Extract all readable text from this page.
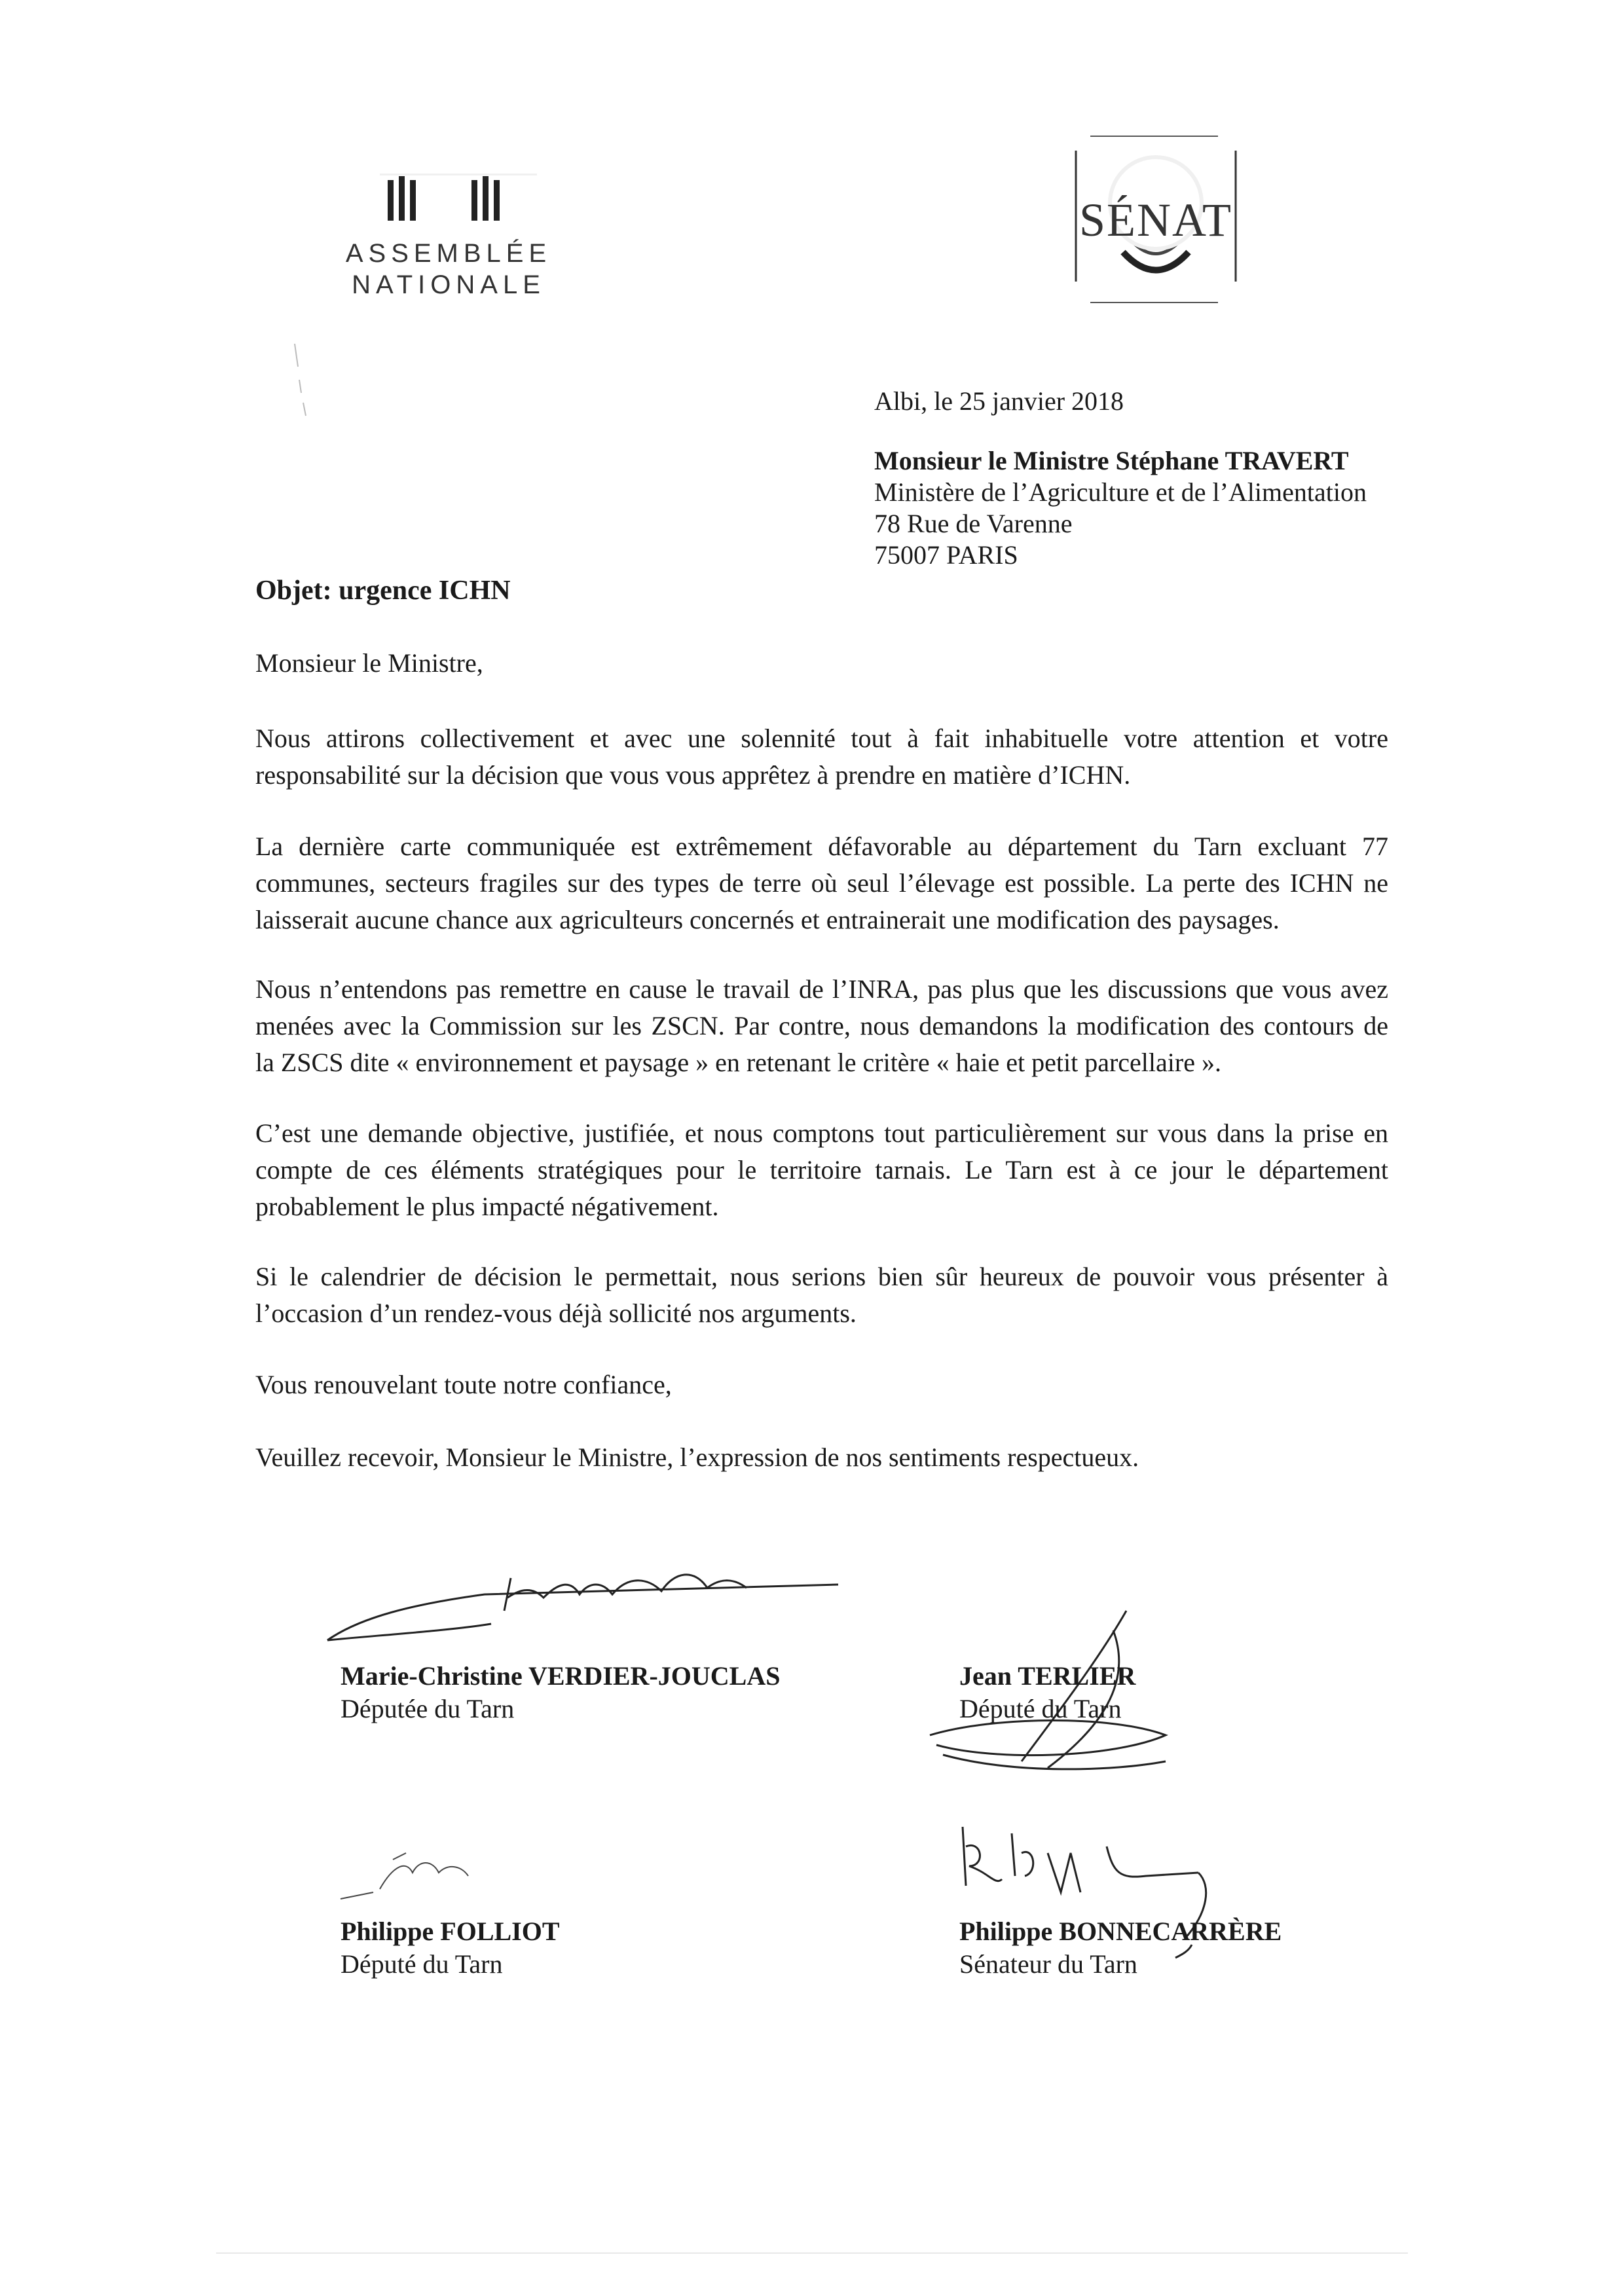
ASSEMBLÉE
NATIONALE
SÉNAT
Albi, le 25 janvier 2018
Monsieur le Ministre Stéphane TRAVERT
Ministère de l’Agriculture et de l’Alimentation
78 Rue de Varenne
75007 PARIS
Objet: urgence ICHN
Monsieur le Ministre,

Nous attirons collectivement et avec une solennité tout à fait inhabituelle votre attention et votre

responsabilité sur la décision que vous vous apprêtez à prendre en matière d’ICHN.

La dernière carte communiquée est extrêmement défavorable au département du Tarn excluant 77

communes, secteurs fragiles sur des types de terre où seul l’élevage est possible. La perte des ICHN ne

laisserait aucune chance aux agriculteurs concernés et entrainerait une modification des paysages.

Nous n’entendons pas remettre en cause le travail de l’INRA, pas plus que les discussions que vous avez

menées avec la Commission sur les ZSCN. Par contre, nous demandons la modification des contours de

la ZSCS dite « environnement et paysage » en retenant le critère « haie et petit parcellaire ».

C’est une demande objective, justifiée, et nous comptons tout particulièrement sur vous dans la prise en

compte de ces éléments stratégiques pour le territoire tarnais. Le Tarn est à ce jour le département

probablement le plus impacté négativement.

Si le calendrier de décision le permettait, nous serions bien sûr heureux de pouvoir vous présenter à

l’occasion d’un rendez-vous déjà sollicité nos arguments.

Vous renouvelant toute notre confiance,

Veuillez recevoir, Monsieur le Ministre, l’expression de nos sentiments respectueux.

Marie-Christine VERDIER-JOUCLAS
Députée du Tarn
Jean TERLIER
Député du Tarn
Philippe FOLLIOT
Député du Tarn
Philippe BONNECARRÈRE
Sénateur du Tarn
